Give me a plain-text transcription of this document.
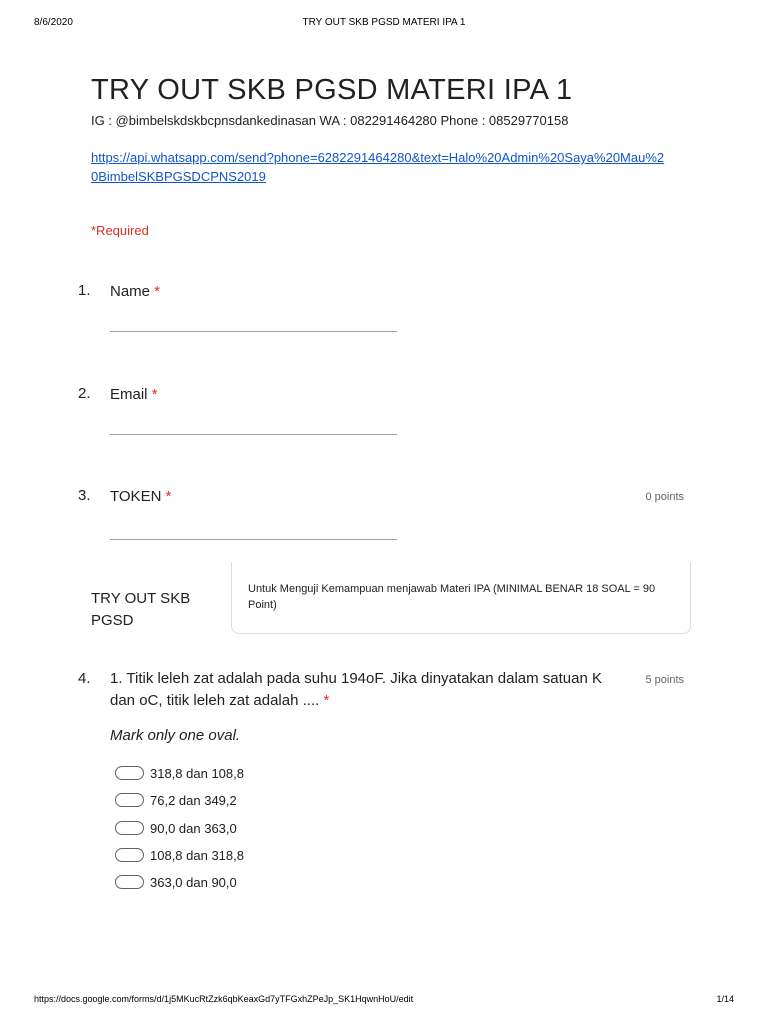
8/6/2020	TRY OUT SKB PGSD MATERI IPA 1
TRY OUT SKB PGSD MATERI IPA 1
IG : @bimbelskdskbcpnsdankedinasan WA : 082291464280 Phone : 08529770158
https://api.whatsapp.com/send?phone=6282291464280&text=Halo%20Admin%20Saya%20Mau%20BimbelSKBPGSDCPNS2019
*Required
1. Name *
2. Email *
3. TOKEN *	0 points
Untuk Menguji Kemampuan menjawab Materi IPA (MINIMAL BENAR 18 SOAL = 90 Point)
TRY OUT SKB PGSD
4. 1. Titik leleh zat adalah pada suhu 194oF. Jika dinyatakan dalam satuan K dan oC, titik leleh zat adalah .... *
5 points
Mark only one oval.
318,8 dan 108,8
76,2 dan 349,2
90,0 dan 363,0
108,8 dan 318,8
363,0 dan 90,0
https://docs.google.com/forms/d/1j5MKucRtZzk6qbKeaxGd7yTFGxhZPeJp_SK1HqwnHoU/edit	1/14
